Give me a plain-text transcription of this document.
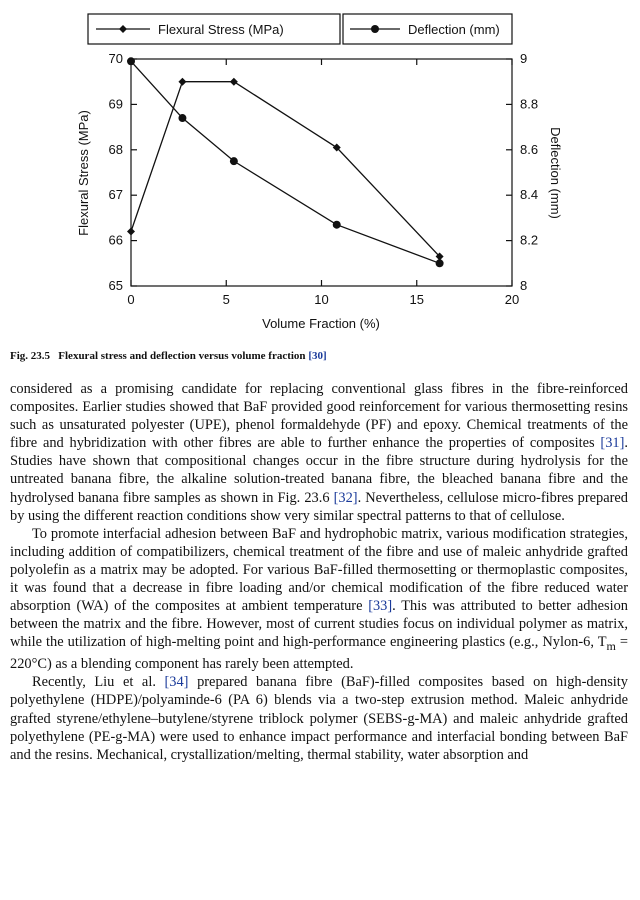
Flexural Stress (MPa)	Deflection (mm)
0	5	10	15	20
65
66
67
68
69
70
8
8.2
8.4
8.6
8.8
9
Volume Fraction (%)
Flexural Stress (MPa)	Deflection (mm)
Fig. 23.5 Flexural stress and deflection versus volume fraction [30]

considered as a promising candidate for replacing conventional glass fibres in the fibre-reinforced composites. Earlier studies showed that BaF provided good reinforcement for various thermosetting resins such as unsaturated polyester (UPE), phenol formaldehyde (PF) and epoxy. Chemical treatments of the fibre and hybridization with other fibres are able to further enhance the properties of composites [31]. Studies have shown that compositional changes occur in the fibre structure during hydrolysis for the untreated banana fibre, the alkaline solution-treated banana fibre, the bleached banana fibre and the hydrolysed banana fibre samples as shown in Fig. 23.6 [32]. Nevertheless, cellulose micro-fibres prepared by using the different reaction conditions show very similar spectral patterns to that of cellulose.

To promote interfacial adhesion between BaF and hydrophobic matrix, various modification strategies, including addition of compatibilizers, chemical treatment of the fibre and use of maleic anhydride grafted polyolefin as a matrix may be adopted. For various BaF-filled thermosetting or thermoplastic composites, it was found that a decrease in fibre loading and/or chemical modification of the fibre reduced water absorption (WA) of the composites at ambient temperature [33]. This was attributed to better adhesion between the matrix and the fibre. However, most of current studies focus on individual polymer as matrix, while the utilization of high-melting point and high-performance engineering plastics (e.g., Nylon-6, $T_m = 220^\circ C$) as a blending component has rarely been attempted.

Recently, Liu et al. [34] prepared banana fibre (BaF)-filled composites based on high-density polyethylene (HDPE)/polyaminde-6 (PA 6) blends via a two-step extrusion method. Maleic anhydride grafted styrene/ethylene–butylene/styrene triblock polymer (SEBS-g-MA) and maleic anhydride grafted polyethylene (PE-g-MA) were used to enhance impact performance and interfacial bonding between BaF and the resins. Mechanical, crystallization/melting, thermal stability, water absorption and
